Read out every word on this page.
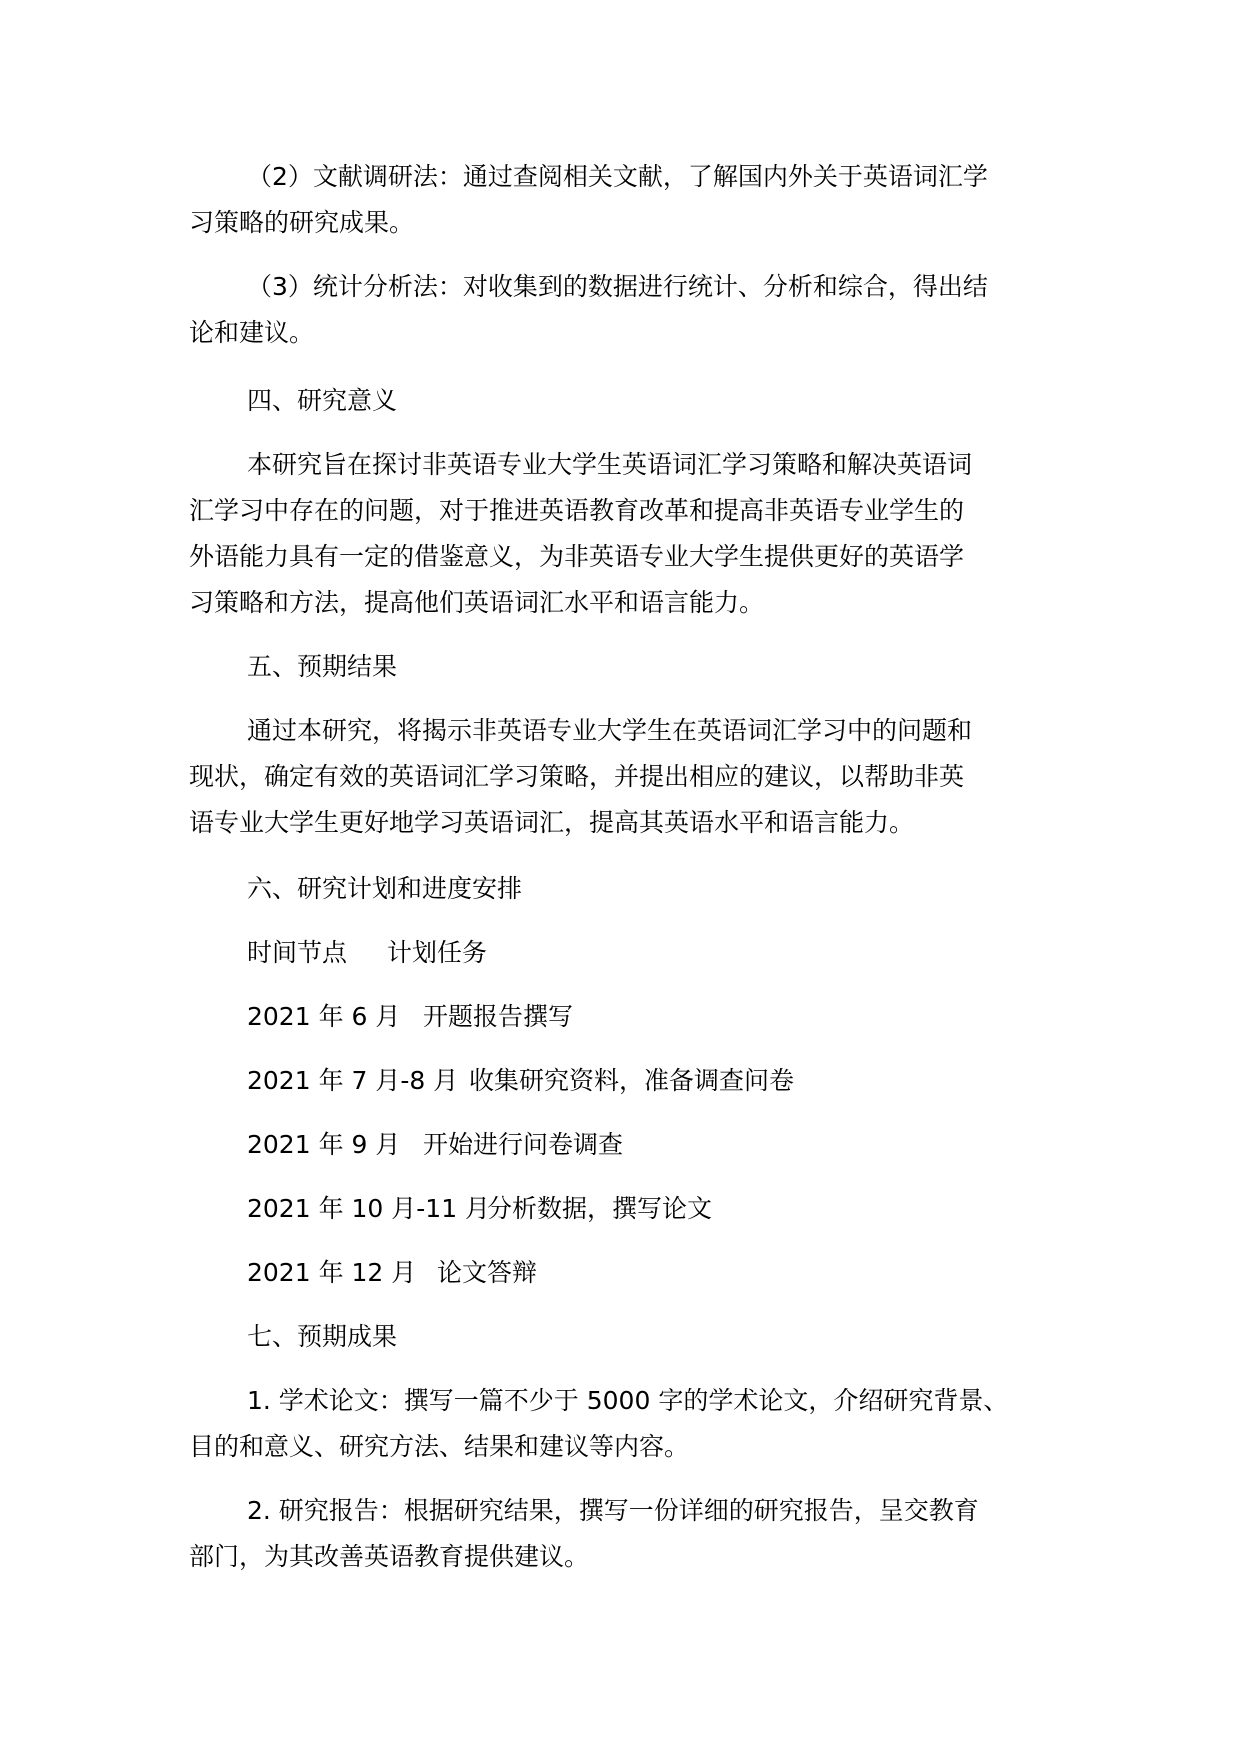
（2）文献调研法：通过查阅相关文献，了解国内外关于英语词汇学

习策略的研究成果。

（3）统计分析法：对收集到的数据进行统计、分析和综合，得出结

论和建议。

四、研究意义

本研究旨在探讨非英语专业大学生英语词汇学习策略和解决英语词

汇学习中存在的问题，对于推进英语教育改革和提高非英语专业学生的

外语能力具有一定的借鉴意义，为非英语专业大学生提供更好的英语学

习策略和方法，提高他们英语词汇水平和语言能力。

五、预期结果

通过本研究，将揭示非英语专业大学生在英语词汇学习中的问题和

现状，确定有效的英语词汇学习策略，并提出相应的建议，以帮助非英

语专业大学生更好地学习英语词汇，提高其英语水平和语言能力。

六、研究计划和进度安排

时间节点 计划任务
2021 年 6 月 开题报告撰写
2021 年 7 月-8 月 收集研究资料，准备调查问卷
2021 年 9 月 开始进行问卷调查
2021 年 10 月-11 月
分析数据，撰写论文
2021 年 12 月 论文答辩

七、预期成果

1. 学术论文：撰写一篇不少于 5000 字的学术论文，介绍研究背景、

目的和意义、研究方法、结果和建议等内容。

2. 研究报告：根据研究结果，撰写一份详细的研究报告，呈交教育

部门，为其改善英语教育提供建议。
